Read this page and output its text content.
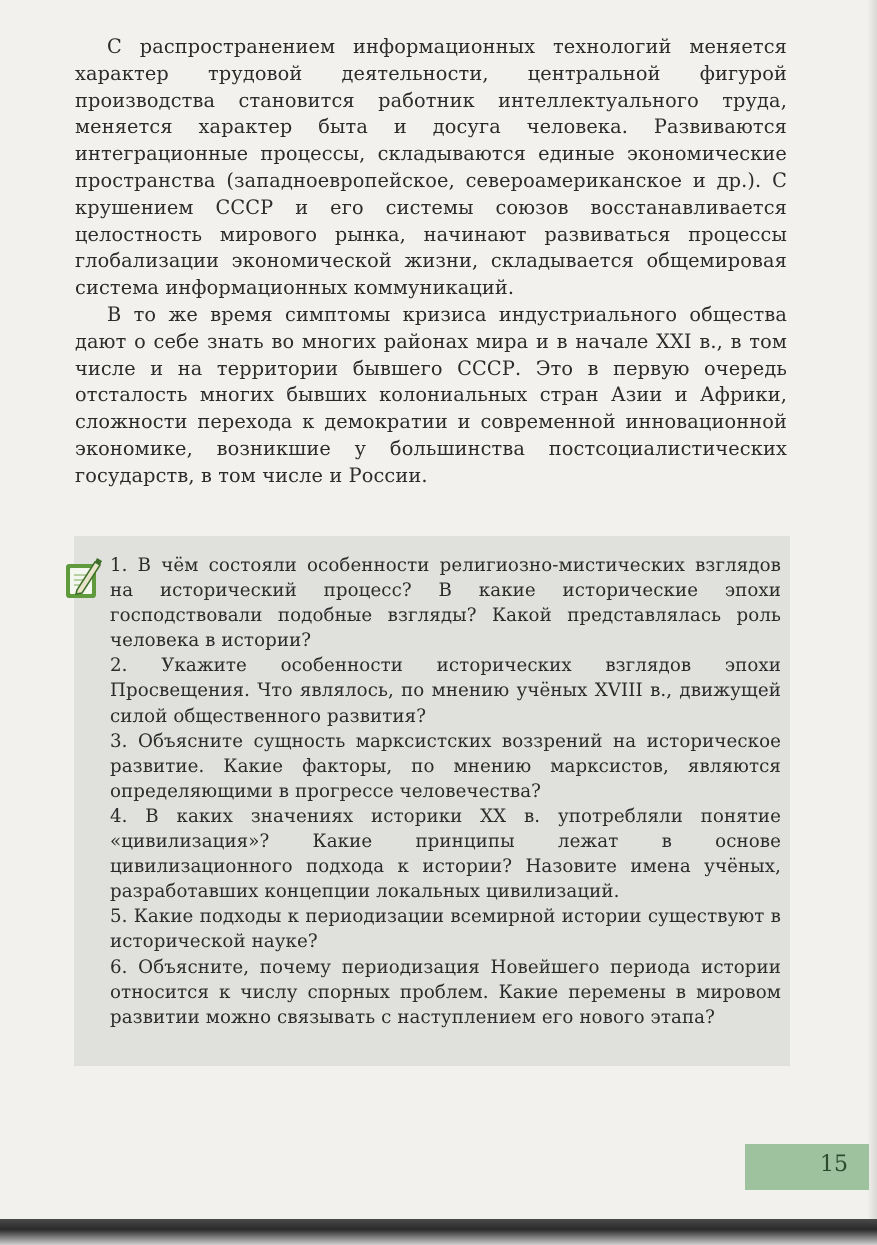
С распространением информационных технологий меняется характер трудовой деятельности, центральной фигурой производства становится работник интеллектуального труда, меняется характер быта и досуга человека. Развиваются интеграционные процессы, складываются единые экономические пространства (западноевропейское, североамериканское и др.). С крушением СССР и его системы союзов восстанавливается целостность мирового рынка, начинают развиваться процессы глобализации экономической жизни, складывается общемировая система информационных коммуникаций.

В то же время симптомы кризиса индустриального общества дают о себе знать во многих районах мира и в начале XXI в., в том числе и на территории бывшего СССР. Это в первую очередь отсталость многих бывших колониальных стран Азии и Африки, сложности перехода к демократии и современной инновационной экономике, возникшие у большинства постсоциалистических государств, в том числе и России.

1. В чём состояли особенности религиозно-мистических взглядов на исторический процесс? В какие исторические эпохи господствовали подобные взгляды? Какой представлялась роль человека в истории?

2. Укажите особенности исторических взглядов эпохи Просвещения. Что являлось, по мнению учёных XVIII в., движущей силой общественного развития?

3. Объясните сущность марксистских воззрений на историческое развитие. Какие факторы, по мнению марксистов, являются определяющими в прогрессе человечества?

4. В каких значениях историки XX в. употребляли понятие «цивилизация»? Какие принципы лежат в основе цивилизационного подхода к истории? Назовите имена учёных, разработавших концепции локальных цивилизаций.

5. Какие подходы к периодизации всемирной истории существуют в исторической науке?

6. Объясните, почему периодизация Новейшего периода истории относится к числу спорных проблем. Какие перемены в мировом развитии можно связывать с наступлением его нового этапа?

15
